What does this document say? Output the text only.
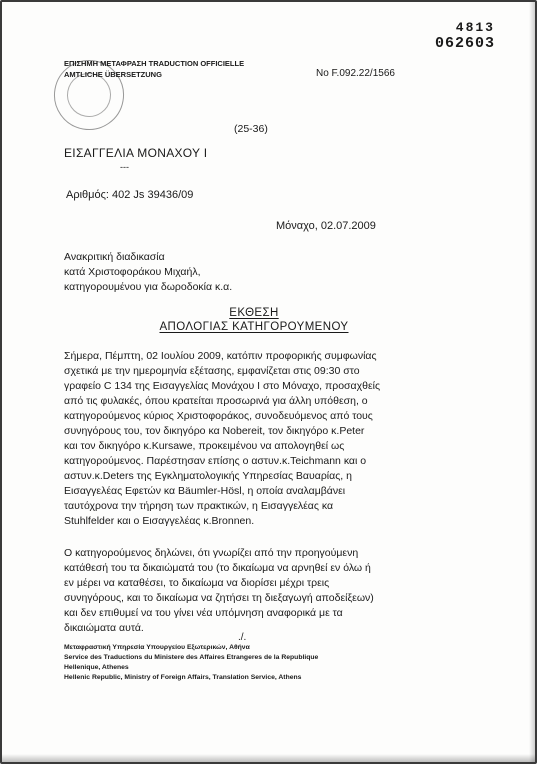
4813
062603
ΕΠΙΣΗΜΗ ΜΕΤΑΦΡΑΣΗ TRADUCTION OFFICIELLE
AMTLICHE ÜBERSETZUNG	No F.092.22/1566
(25-36)
ΕΙΣΑΓΓΕΛΙΑ ΜΟΝΑΧΟΥ Ι
---
Αριθμός: 402 Js 39436/09
Μόναχο, 02.07.2009
Ανακριτική διαδικασία
κατά Χριστοφοράκου Μιχαήλ,
κατηγορουμένου για δωροδοκία κ.α.
ΕΚΘΕΣΗ
ΑΠΟΛΟΓΙΑΣ ΚΑΤΗΓΟΡΟΥΜΕΝΟΥ
Σήμερα, Πέμπτη, 02 Ιουλίου 2009, κατόπιν προφορικής συμφωνίας
σχετικά με την ημερομηνία εξέτασης, εμφανίζεται στις 09:30 στο
γραφείο C 134 της Εισαγγελίας Μονάχου Ι στο Μόναχο, προσαχθείς
από τις φυλακές, όπου κρατείται προσωρινά για άλλη υπόθεση, ο
κατηγορούμενος κύριος Χριστοφοράκος, συνοδευόμενος από τους
συνηγόρους του, τον δικηγόρο κα Nobereit, τον δικηγόρο κ.Peter
και τον δικηγόρο κ.Kursawe, προκειμένου να απολογηθεί ως
κατηγορούμενος. Παρέστησαν επίσης ο αστυν.κ.Teichmann και ο
αστυν.κ.Deters της Εγκληματολογικής Υπηρεσίας Βαυαρίας, η
Εισαγγελέας Εφετών κα Bäumler-Hösl, η οποία αναλαμβάνει
ταυτόχρονα την τήρηση των πρακτικών, η Εισαγγελέας κα
Stuhlfelder και ο Εισαγγελέας κ.Bronnen.
Ο κατηγορούμενος δηλώνει, ότι γνωρίζει από την προηγούμενη
κατάθεσή του τα δικαιώματά του (το δικαίωμα να αρνηθεί εν όλω ή
εν μέρει να καταθέσει, το δικαίωμα να διορίσει μέχρι τρεις
συνηγόρους, και το δικαίωμα να ζητήσει τη διεξαγωγή αποδείξεων)
και δεν επιθυμεί να του γίνει νέα υπόμνηση αναφορικά με τα
δικαιώματα αυτά.
./.
Μεταφραστική Υπηρεσία Υπουργείου Εξωτερικών, Αθήνα
Service des Traductions du Ministere des Affaires Etrangeres de la Republique
Hellenique, Athenes
Hellenic Republic, Ministry of Foreign Affairs, Translation Service, Athens
